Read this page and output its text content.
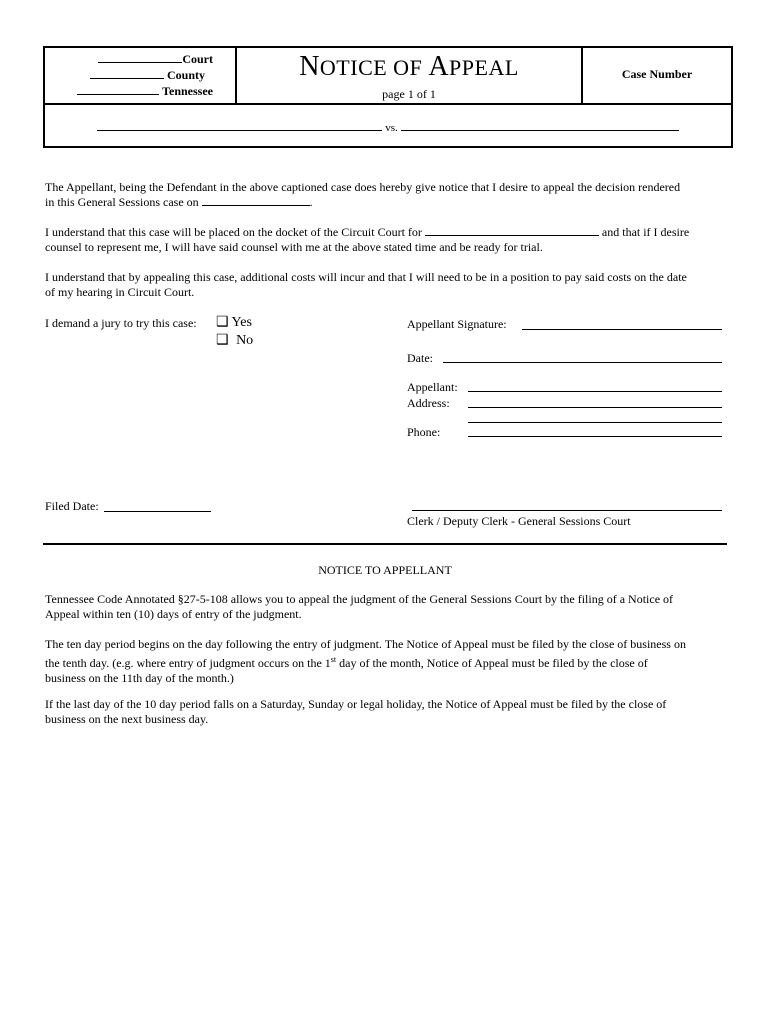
Court
County
Tennessee
NOTICE OF APPEAL
page 1 of 1
Case Number
vs.
The Appellant, being the Defendant in the above captioned case does hereby give notice that I desire to appeal the decision rendered
in this General Sessions case on	.
I understand that this case will be placed on the docket of the Circuit Court for	and that if I desire
counsel to represent me, I will have said counsel with me at the above stated time and be ready for trial.
I understand that by appealing this case, additional costs will incur and that I will need to be in a position to pay said costs on the date
of my hearing in Circuit Court.
I demand a jury to try this case: ❑ Yes
❑ No
Appellant Signature:
Date:
Appellant:
Address:
Phone:
Filed Date:
Clerk / Deputy Clerk - General Sessions Court
NOTICE TO APPELLANT
Tennessee Code Annotated §27-5-108 allows you to appeal the judgment of the General Sessions Court by the filing of a Notice of
Appeal within ten (10) days of entry of the judgment.
The ten day period begins on the day following the entry of judgment. The Notice of Appeal must be filed by the close of business on
the tenth day. (e.g. where entry of judgment occurs on the 1st day of the month, Notice of Appeal must be filed by the close of
business on the 11th day of the month.)
If the last day of the 10 day period falls on a Saturday, Sunday or legal holiday, the Notice of Appeal must be filed by the close of
business on the next business day.
